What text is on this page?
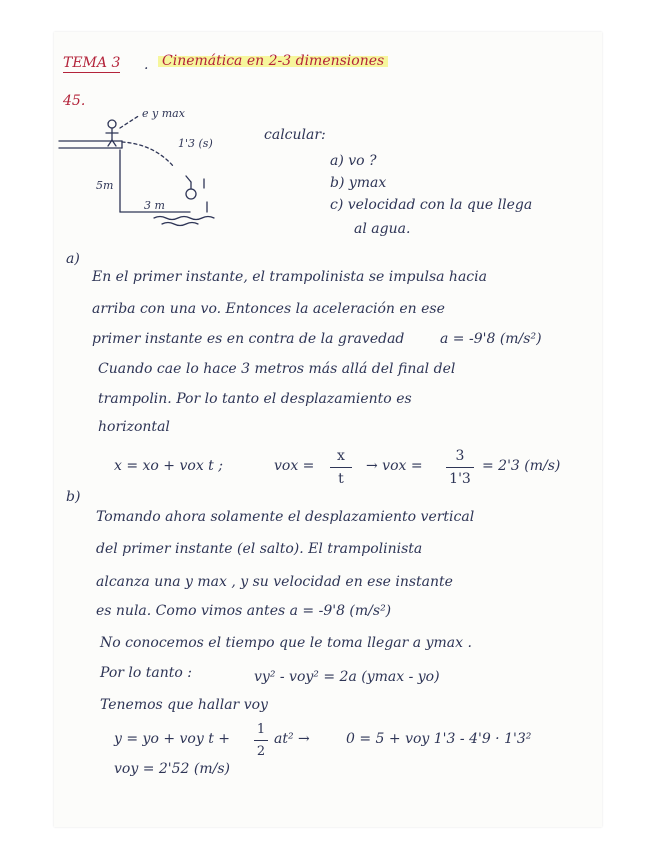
TEMA 3 . Cinemática en 2-3 dimensiones
45.
e y max
1'3 (s)
5m
3 m
calcular:
a) vo ?
b) ymax
c) velocidad con la que llega
al agua.
a)
En el primer instante, el trampolinista se impulsa hacia
arriba con una vo. Entonces la aceleración en ese
primer instante es en contra de la gravedad	a = -9'8 (m/s²)
Cuando cae lo hace 3 metros más allá del final del
trampolin. Por lo tanto el desplazamiento es
horizontal
x = xo + vox t ;	vox =
x
t
→ vox =
3
1'3
= 2'3 (m/s)
b)
Tomando ahora solamente el desplazamiento vertical
del primer instante (el salto). El trampolinista
alcanza una y max , y su velocidad en ese instante
es nula. Como vimos antes a = -9'8 (m/s²)
No conocemos el tiempo que le toma llegar a ymax .
Por lo tanto :	vy² - voy² = 2a (ymax - yo)
Tenemos que hallar voy
y = yo + voy t +
1
2
at² →	0 = 5 + voy 1'3 - 4'9 · 1'3²
voy = 2'52 (m/s)
